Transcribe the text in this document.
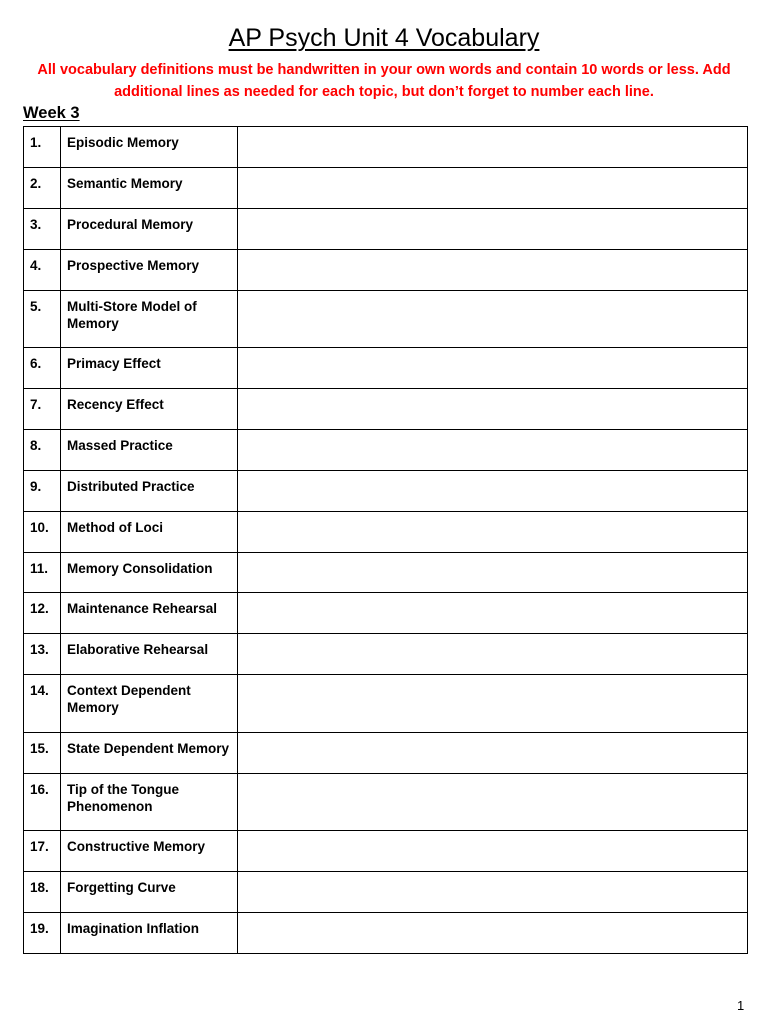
AP Psych Unit 4 Vocabulary
All vocabulary definitions must be handwritten in your own words and contain 10 words or less. Add additional lines as needed for each topic, but don’t forget to number each line.
Week 3
1.	Episodic Memory	
2.	Semantic Memory	
3.	Procedural Memory	
4.	Prospective Memory	
5.	Multi-Store Model of Memory	
6.	Primacy Effect	
7.	Recency Effect	
8.	Massed Practice	
9.	Distributed Practice	
10.	Method of Loci	
11.	Memory Consolidation	
12.	Maintenance Rehearsal	
13.	Elaborative Rehearsal	
14.	Context Dependent Memory	
15.	State Dependent Memory	
16.	Tip of the Tongue Phenomenon	
17.	Constructive Memory	
18.	Forgetting Curve	
19.	Imagination Inflation	
1
